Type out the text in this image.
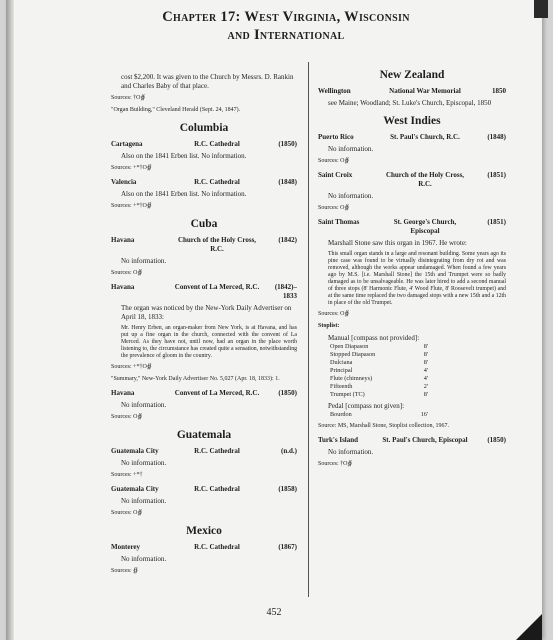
Chapter 17: West Virginia, Wisconsin
and International
cost $2,200. It was given to the Church by Messrs. D. Rankin and Charles Baby of that place.
Sources: †O∯
"Organ Building," Cleveland Herald (Sept. 24, 1847).
Columbia
Cartagena	R.C. Cathedral	(1850)
Also on the 1841 Erben list. No information.
Sources: +*†O∯
Valencia	R.C. Cathedral	(1848)
Also on the 1841 Erben list. No information.
Sources: +*†O∯
Cuba
Havana	Church of the Holy Cross, R.C.
(1842)
No information.
Sources: O∯
Havana	Convent of La Merced, R.C.	(1842)–1833
The organ was noticed by the New-York Daily Advertiser on April 18, 1833:
Mr. Henry Erben, an organ-maker from New York, is at Havana, and has put up a fine organ in the church, connected with the convent of La Merced. As they have not, until now, had an organ in the place worth listening to, the circumstance has created quite a sensation, notwithstanding the prevalence of gloom in the country.
Sources: +*†O∯
"Summary," New-York Daily Advertiser No. 5,027 (Apr. 18, 1833): 1.
Havana	Convent of La Merced, R.C.	(1850)
No information.
Sources: O∯
Guatemala
Guatemala City	R.C. Cathedral	(n.d.)
No information.
Sources: +*†
Guatemala City	R.C. Cathedral	(1858)
No information.
Sources: O∯
Mexico
Monterey	R.C. Cathedral	(1867)
No information.
Sources: ∯
New Zealand
Wellington	National War Memorial	1850
see Maine; Woodland; St. Luke's Church, Episcopal, 1850
West Indies
Puerto Rico	St. Paul's Church, R.C.	(1848)
No information.
Sources: O∯
Saint Croix	Church of the Holy Cross, R.C.
(1851)
No information.
Sources: O∯
Saint Thomas	St. George's Church, Episcopal
(1851)
Marshall Stone saw this organ in 1967. He wrote:
This small organ stands in a large and resonant building. Some years ago its pine case was found to be virtually disintegrating from dry rot and was removed, although the works appear undamaged. When found a few years ago by M.S. [i.e. Marshall Stone] the 15th and Trumpet were so badly damaged as to be unsalvageable. He was later hired to add a second manual of three stops (8' Harmonic Flute, 4' Wood Flute, 8' Roosevelt trumpet) and at the same time replaced the two damaged stops with a new 15th and a 12th in place of the old Trumpet.
Sources: O∯
Stoplist:
Manual [compass not provided]:
Open Diapason	8'
Stopped Diapason	8'
Dulciana	8'
Principal	4'
Flute (chimneys)	4'
Fifteenth	2'
Trumpet (TC)	8'
Pedal [compass not given]:
Bourdon	16'
Source: MS, Marshall Stone, Stoplist collection, 1967.
Turk's Island	St. Paul's Church, Episcopal	(1850)
No information.
Sources: †O∯
452
